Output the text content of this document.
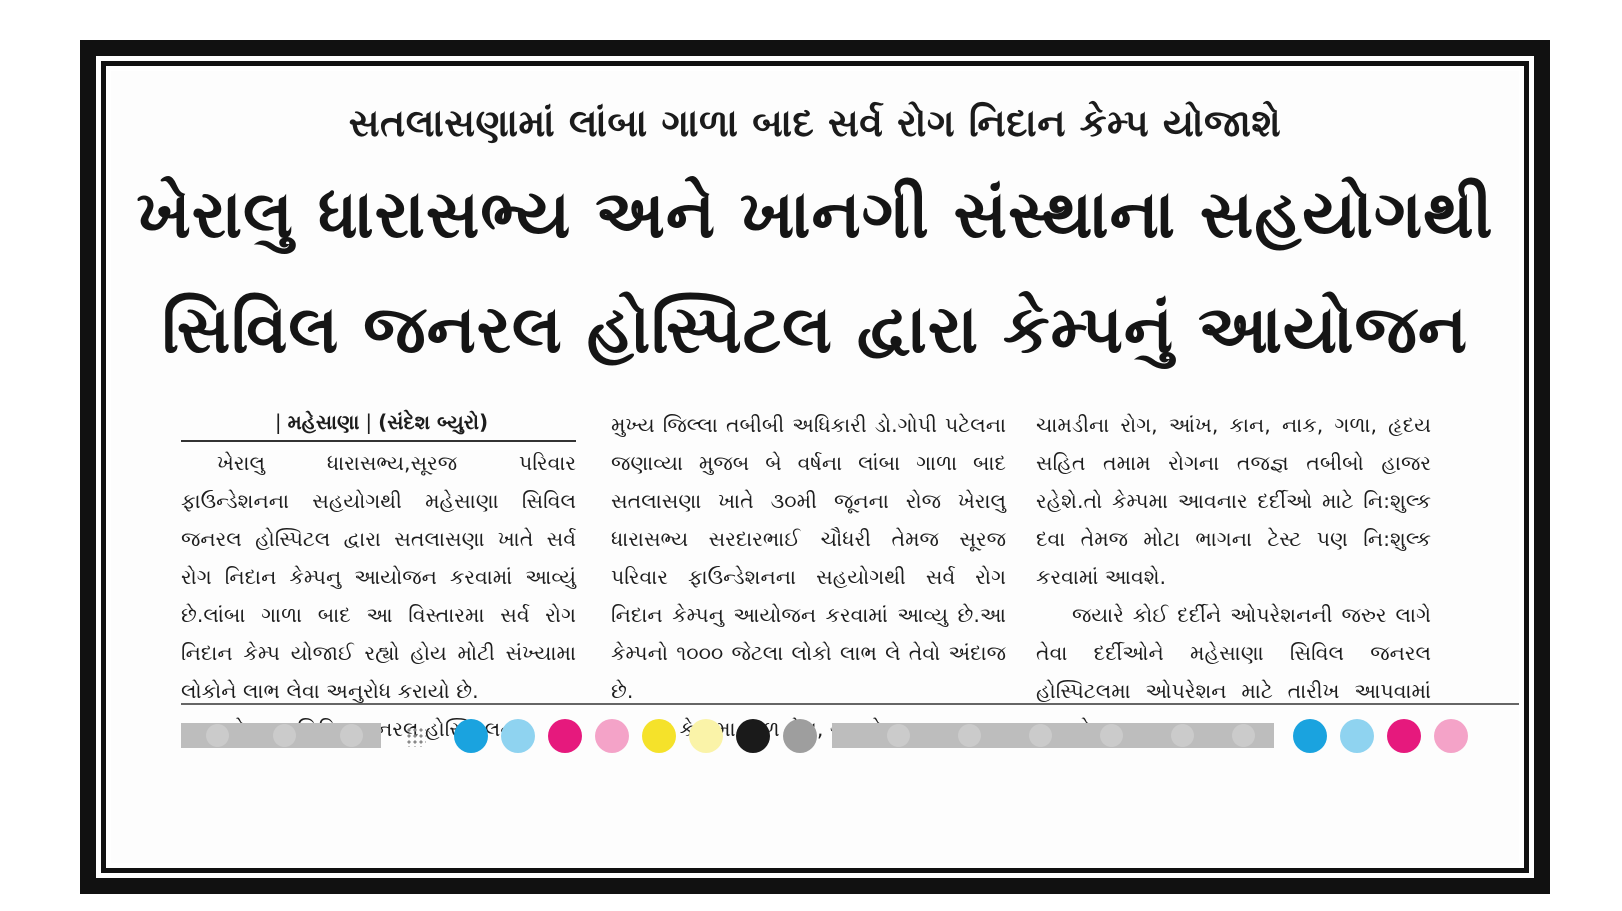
સતલાસણામાં લાંબા ગાળા બાદ સર્વ રોગ નિદાન કેમ્પ યોજાશે
ખેરાલુ ધારાસભ્ય અને ખાનગી સંસ્થાના સહયોગથી
સિવિલ જનરલ હોસ્પિટલ દ્વારા કેમ્પનું આયોજન
| મહેસાણા | (સંદેશ બ્યુરો)

ખેરાલુ ધારાસભ્ય,સૂરજ પરિવાર ફાઉન્ડેશનના સહયોગથી મહેસાણા સિવિલ જનરલ હોસ્પિટલ દ્વારા સતલાસણા ખાતે સર્વ રોગ નિદાન કેમ્પનુ આયોજન કરવામાં આવ્યું છે.લાંબા ગાળા બાદ આ વિસ્તારમા સર્વ રોગ નિદાન કેમ્પ યોજાઈ રહ્યો હોય મોટી સંખ્યામા લોકોને લાભ લેવા અનુરોધ કરાયો છે.

જનરલ

મુખ્ય જિલ્લા તબીબી અધિકારી ડો.ગોપી પટેલના જણાવ્યા મુજબ બે વર્ષના લાંબા ગાળા બાદ સતલાસણા ખાતે ૩૦મી જૂનના રોજ ખેરાલુ ધારાસભ્ય સરદારભાઈ ચૌધરી તેમજ સૂરજ પરિવાર ફાઉન્ડેશનના સહયોગથી સર્વ રોગ નિદાન કેમ્પનુ આયોજન કરવામાં આવ્યુ છે.આ કેમ્પનો ૧૦૦૦ જેટલા લોકો લાભ લે તેવો અંદાજ છે.

ચામડીના રોગ, આંખ, કાન, નાક, ગળા, હૃદય સહિત તમામ રોગના તજજ્ઞ તબીબો હાજર રહેશે.તો કેમ્પમા આવનાર દર્દીઓ માટે નિ:શુલ્ક દવા તેમજ મોટા ભાગના ટેસ્ટ પણ નિ:શુલ્ક કરવામાં આવશે.

જયારે કોઈ દર્દીને ઓપરેશનની જરુર લાગે તેવા દર્દીઓને મહેસાણા સિવિલ જનરલ હોસ્પિટલમા ઓપરેશન માટે તારીખ આપવામાં
